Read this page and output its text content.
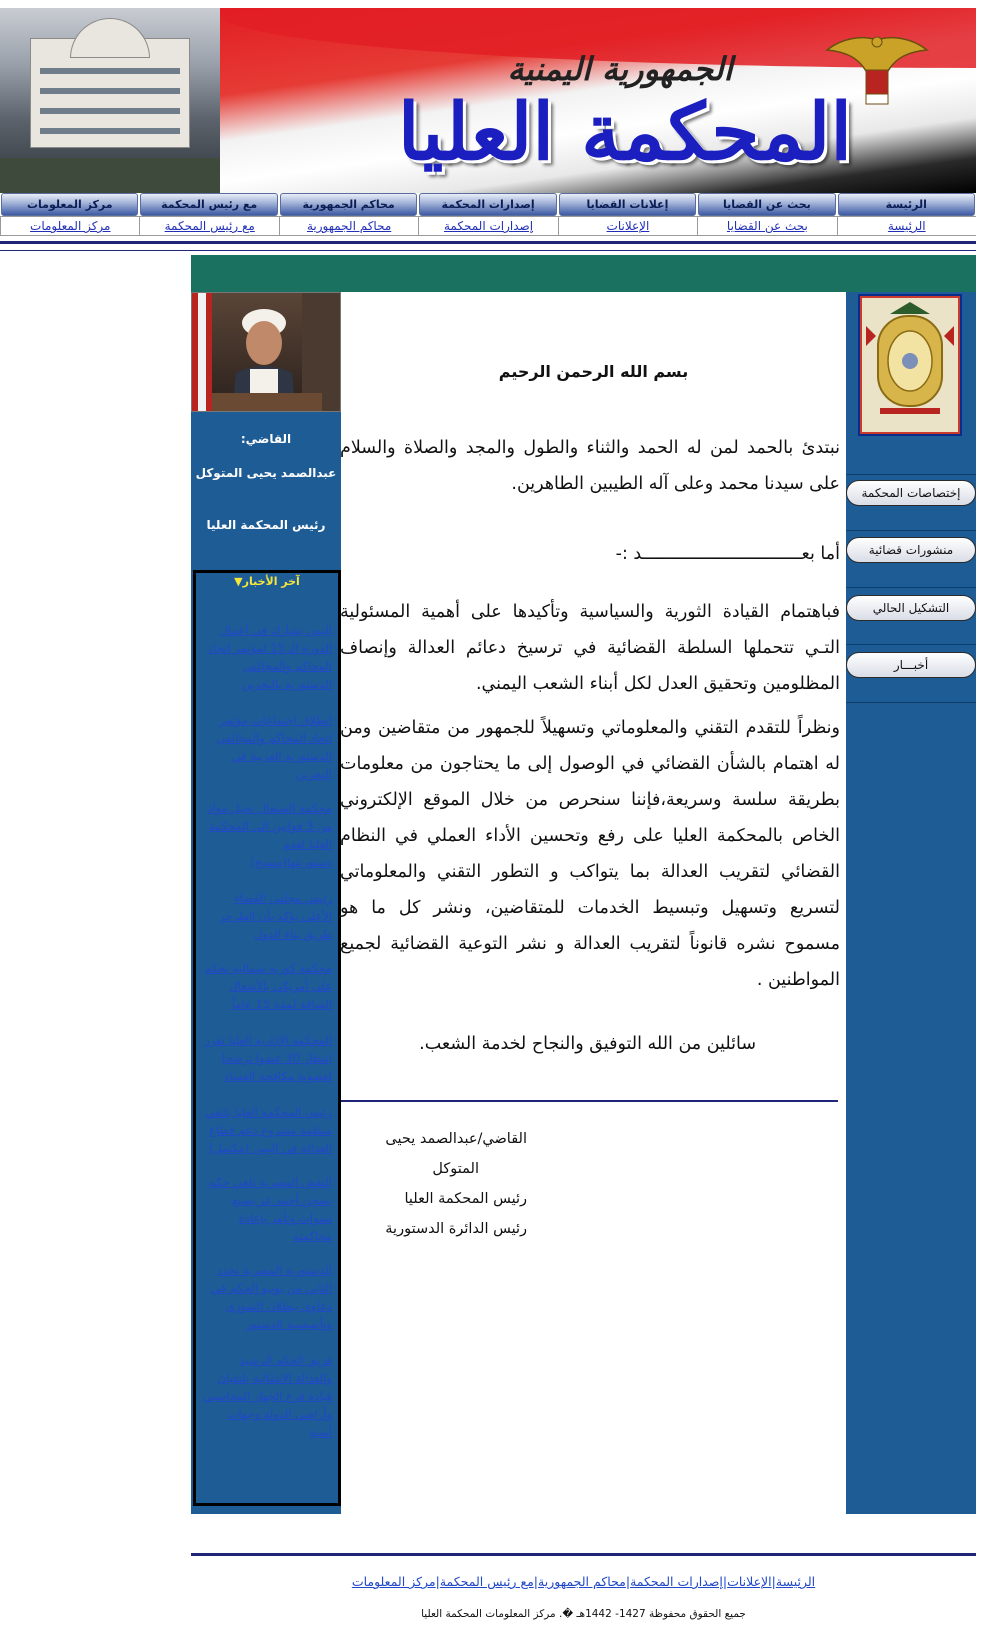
الجمهورية اليمنية
المحكمة العليا
الرئيسة
بحث عن القضايا
إعلانات القضايا
إصدارات المحكمة
محاكم الجمهورية
مع رئيس المحكمة
مركز المعلومات
الرئيسة
بحث عن القضايا
الإعلانات
إصدارات المحكمة
محاكم الجمهورية
مع رئيس المحكمة
مركز المعلومات
إختصاصات المحكمة
منشورات قضائية
التشكيل الحالي
أخبـــار
القاضي:
عبدالصمد يحيى المتوكل
رئيس المحكمة العليا
آخر الأخبار▼
اليمن يشارك في أعمال الدورة الـ 15 لمؤتمر اتحاد المحاكم والمجالس الدستورية بالبحرين
انطلاق اجتماعات مؤتمر اتحاد المحاكم والمجالس الدستورية العربية في البحرين
محكمة السنغال تحيل مواد من 3 قوانين الى المحكمة العليا لعدم دستوريتها(مسيح)
رئيس مجلس القضاء الأعلى يؤكد بأن الطرحر طريق بناء الدول
محكمة كورية شمالية تحكم على أمريكي بالأشغال الشاقة لمدة 15 عاماً
المحكمة الإدارية العليا تقرر إنتظار 30 عضوا ترشحا لعضوية مكافحة الفساد
رئيس المحكمة العليا يلتقي منظمة مشروع دعم قطاع العدالة في اليمن (مكتمل)
النقض المصرية تلغي حكم بسجن أحمد عز بسبع سنوات وتأمر بإعادة محاكمته
الدستورية المصرية تحدد الثاني من يونيو الحكم في دعاوى ببطلان الشورى وتأسيسية الدستور
فريق الحكم الرشيد والعدالة الانتقالية يلتقيان قيادة فرع الجهاز المحاسبي وأراضي الدولة وجهات أمنية
بسم الله الرحمن الرحيم
نبتدئ بالحمد لمن له الحمد والثناء والطول والمجد والصلاة والسلام على سيدنا محمد وعلى آله الطيبين الطاهرين.
أما بعـــــــــــــــــــــــــــــــد :-
فباهتمام القيادة الثورية والسياسية وتأكيدها على أهمية المسئولية التـي تتحملها السلطة القضائية في ترسيخ دعائم العدالة وإنصاف المظلومين وتحقيق العدل لكل أبناء الشعب اليمني.
ونظراً للتقدم التقني والمعلوماتي وتسهيلاً للجمهور من متقاضين ومن له اهتمام بالشأن القضائي في الوصول إلى ما يحتاجون من معلومات بطريقة سلسة وسريعة،فإننا سنحرص من خلال الموقع الإلكتروني الخاص بالمحكمة العليا على رفع وتحسين الأداء العملي في النظام القضائي لتقريب العدالة بما يتواكب و التطور التقني والمعلوماتي لتسريع وتسهيل وتبسيط الخدمات للمتقاضين، ونشر كل ما هو مسموح نشره قانوناً لتقريب العدالة و نشر التوعية القضائية لجميع المواطنين .
سائلين من الله التوفيق والنجاح لخدمة الشعب.
القاضي/عبدالصمد يحيى
المتوكل
رئيس المحكمة العليا
رئيس الدائرة الدستورية
الرئيسة|الإعلانات|إصدارات المحكمة|محاكم الجمهورية|مع رئيس المحكمة|مركز المعلومات
جميع الحقوق محفوظة 1427- 1442هـ �. مركز المعلومات المحكمة العليا
